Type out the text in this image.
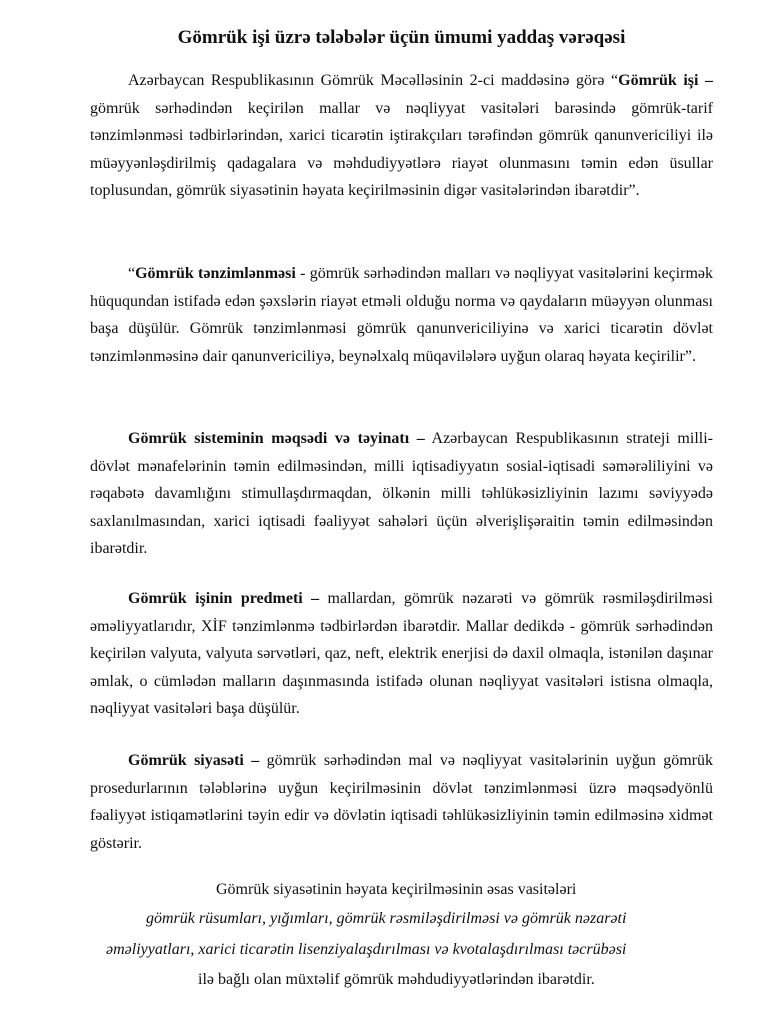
Gömrük işi üzrə tələbələr üçün ümumi yaddaş vərəqəsi

Azərbaycan Respublikasının Gömrük Məcəlləsinin 2-ci maddəsinə görə “Gömrük işi – gömrük sərhədindən keçirilən mallar və nəqliyyat vasitələri barəsində gömrük-tarif tənzimlənməsi tədbirlərindən, xarici ticarətin iştirakçıları tərəfindən gömrük qanunvericiliyi ilə müəyyənləşdirilmiş qadagalara və məhdudiyyətlərə riayət olunmasını təmin edən üsullar toplusundan, gömrük siyasətinin həyata keçirilməsinin digər vasitələrindən ibarətdir”.

“Gömrük tənzimlənməsi - gömrük sərhədindən malları və nəqliyyat vasitələrini keçirmək hüququndan istifadə edən şəxslərin riayət etməli olduğu norma və qaydaların müəyyən olunması başa düşülür. Gömrük tənzimlənməsi gömrük qanunvericiliyinə və xarici ticarətin dövlət tənzimlənməsinə dair qanunvericiliyə, beynəlxalq müqavilələrə uyğun olaraq həyata keçirilir”.

Gömrük sisteminin məqsədi və təyinatı – Azərbaycan Respublikasının strateji milli-dövlət mənafelərinin təmin edilməsindən, milli iqtisadiyyatın sosial-iqtisadi səmərəliliyini və rəqabətə davamlığını stimullaşdırmaqdan, ölkənin milli təhlükəsizliyinin lazımı səviyyədə saxlanılmasından, xarici iqtisadi fəaliyyət sahələri üçün əlverişlişəraitin təmin edilməsindən ibarətdir.

Gömrük işinin predmeti – mallardan, gömrük nəzarəti və gömrük rəsmiləşdirilməsi əməliyyatlarıdır, XİF tənzimlənmə tədbirlərdən ibarətdir. Mallar dedikdə - gömrük sərhədindən keçirilən valyuta, valyuta sərvətləri, qaz, neft, elektrik enerjisi də daxil olmaqla, istənilən daşınar əmlak, o cümlədən malların daşınmasında istifadə olunan nəqliyyat vasitələri istisna olmaqla, nəqliyyat vasitələri başa düşülür.

Gömrük siyasəti – gömrük sərhədindən mal və nəqliyyat vasitələrinin uyğun gömrük prosedurlarının tələblərinə uyğun keçirilməsinin dövlət tənzimlənməsi üzrə məqsədyönlü fəaliyyət istiqamətlərini təyin edir və dövlətin iqtisadi təhlükəsizliyinin təmin edilməsinə xidmət göstərir.

Gömrük siyasətinin həyata keçirilməsinin əsas vasitələri

gömrük rüsumları, yığımları, gömrük rəsmiləşdirilməsi və gömrük nəzarəti

əməliyyatları, xarici ticarətin lisenziyalaşdırılması və kvotalaşdırılması təcrübəsi

ilə bağlı olan müxtəlif gömrük məhdudiyyətlərindən ibarətdir.
